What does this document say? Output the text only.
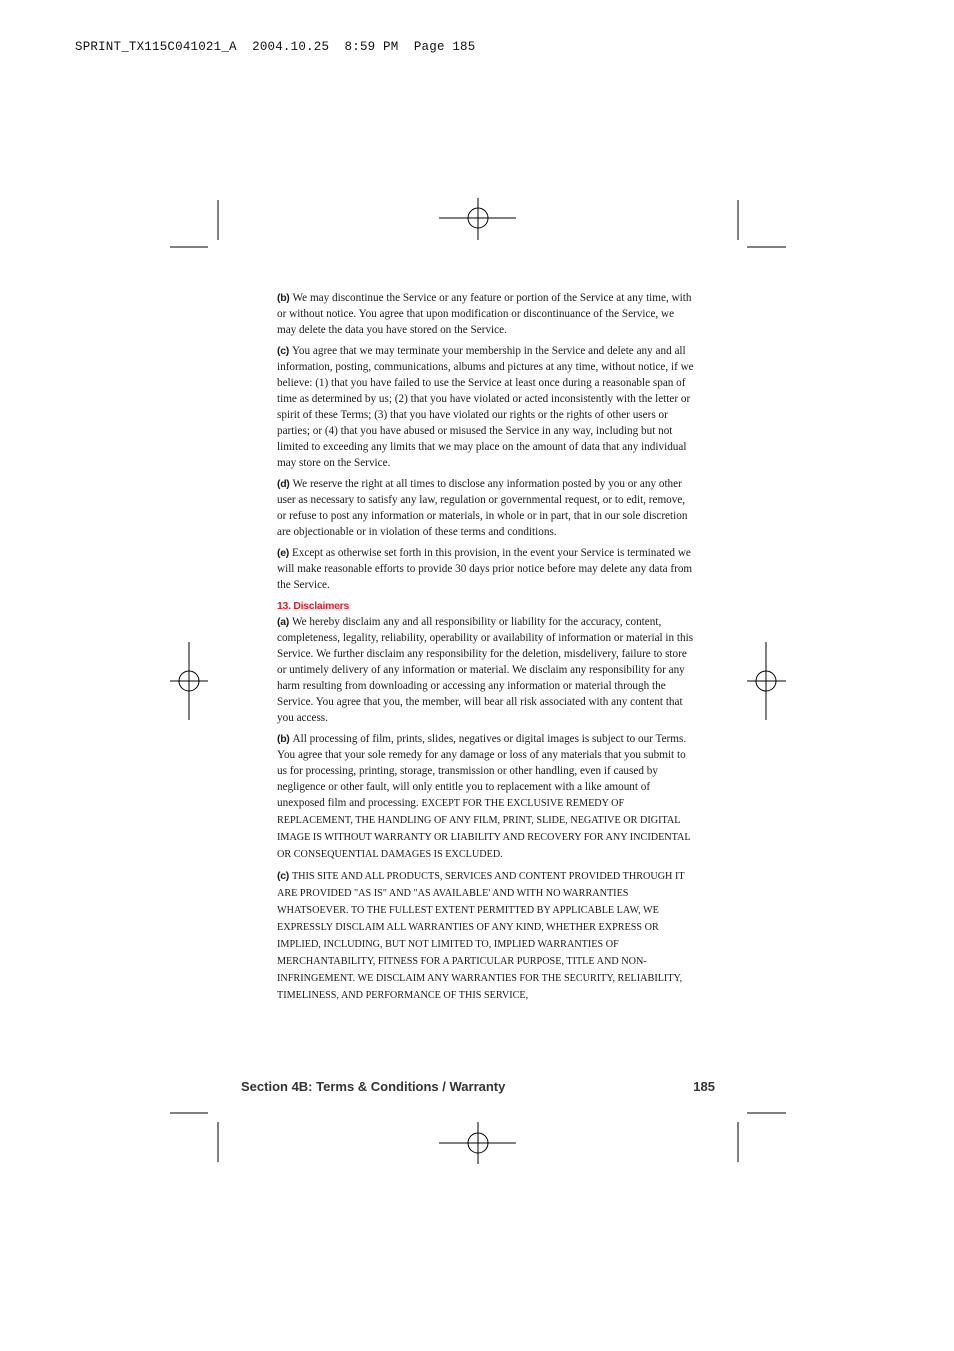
SPRINT_TX115C041021_A  2004.10.25  8:59 PM  Page 185

(b) We may discontinue the Service or any feature or portion of the Service at any time, with or without notice. You agree that upon modification or discontinuance of the Service, we may delete the data you have stored on the Service.

(c) You agree that we may terminate your membership in the Service and delete any and all information, posting, communications, albums and pictures at any time, without notice, if we believe: (1) that you have failed to use the Service at least once during a reasonable span of time as determined by us; (2) that you have violated or acted inconsistently with the letter or spirit of these Terms; (3) that you have violated our rights or the rights of other users or parties; or (4) that you have abused or misused the Service in any way, including but not limited to exceeding any limits that we may place on the amount of data that any individual may store on the Service.

(d) We reserve the right at all times to disclose any information posted by you or any other user as necessary to satisfy any law, regulation or governmental request, or to edit, remove, or refuse to post any information or materials, in whole or in part, that in our sole discretion are objectionable or in violation of these terms and conditions.

(e) Except as otherwise set forth in this provision, in the event your Service is terminated we will make reasonable efforts to provide 30 days prior notice before may delete any data from the Service.

13. Disclaimers

(a) We hereby disclaim any and all responsibility or liability for the accuracy, content, completeness, legality, reliability, operability or availability of information or material in this Service. We further disclaim any responsibility for the deletion, misdelivery, failure to store or untimely delivery of any information or material. We disclaim any responsibility for any harm resulting from downloading or accessing any information or material through the Service. You agree that you, the member, will bear all risk associated with any content that you access.

(b) All processing of film, prints, slides, negatives or digital images is subject to our Terms. You agree that your sole remedy for any damage or loss of any materials that you submit to us for processing, printing, storage, transmission or other handling, even if caused by negligence or other fault, will only entitle you to replacement with a like amount of unexposed film and processing. EXCEPT FOR THE EXCLUSIVE REMEDY OF REPLACEMENT, THE HANDLING OF ANY FILM, PRINT, SLIDE, NEGATIVE OR DIGITAL IMAGE IS WITHOUT WARRANTY OR LIABILITY AND RECOVERY FOR ANY INCIDENTAL OR CONSEQUENTIAL DAMAGES IS EXCLUDED.

(c) THIS SITE AND ALL PRODUCTS, SERVICES AND CONTENT PROVIDED THROUGH IT ARE PROVIDED "AS IS" AND "AS AVAILABLE' AND WITH NO WARRANTIES WHATSOEVER. TO THE FULLEST EXTENT PERMITTED BY APPLICABLE LAW, WE EXPRESSLY DISCLAIM ALL WARRANTIES OF ANY KIND, WHETHER EXPRESS OR IMPLIED, INCLUDING, BUT NOT LIMITED TO, IMPLIED WARRANTIES OF MERCHANTABILITY, FITNESS FOR A PARTICULAR PURPOSE, TITLE AND NON-INFRINGEMENT. WE DISCLAIM ANY WARRANTIES FOR THE SECURITY, RELIABILITY, TIMELINESS, AND PERFORMANCE OF THIS SERVICE,

Section 4B: Terms & Conditions / Warranty	185
